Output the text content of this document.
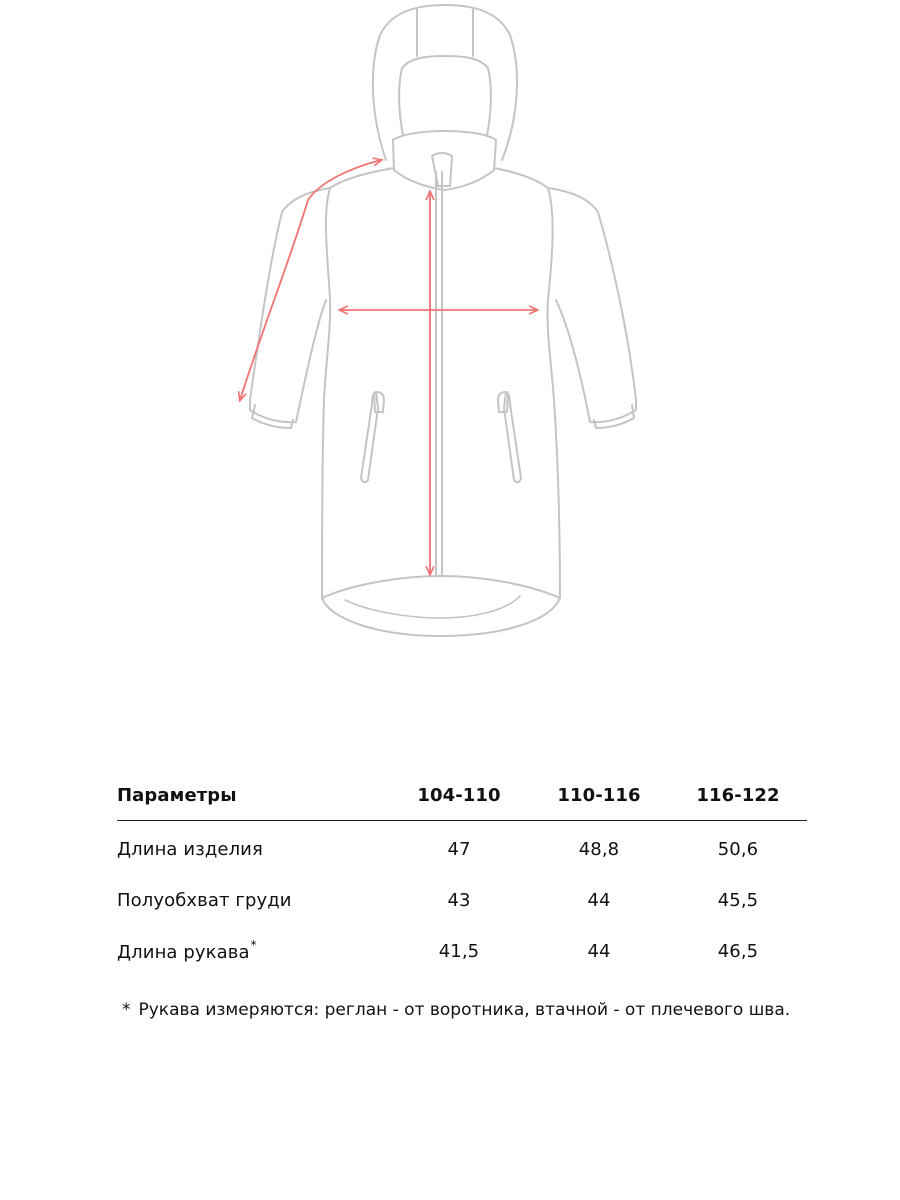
Параметры	104-110	110-116	116-122
Длина изделия	47	48,8	50,6
Полуобхват груди	43	44	45,5
Длина рукава*	41,5	44	46,5
* Рукава измеряются: реглан - от воротника, втачной - от плечевого шва.
